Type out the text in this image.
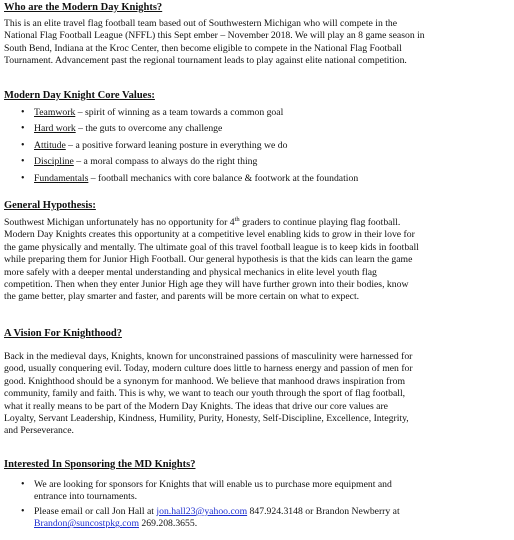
Who are the Modern Day Knights?

This is an elite travel flag football team based out of Southwestern Michigan who will compete in the
National Flag Football League (NFFL) this Sept ember – November 2018. We will play an 8 game season in
South Bend, Indiana at the Kroc Center, then become eligible to compete in the National Flag Football
Tournament. Advancement past the regional tournament leads to play against elite national competition.

Modern Day Knight Core Values:
• Teamwork – spirit of winning as a team towards a common goal
• Hard work – the guts to overcome any challenge
• Attitude – a positive forward leaning posture in everything we do
• Discipline – a moral compass to always do the right thing
• Fundamentals – football mechanics with core balance & footwork at the foundation
General Hypothesis:

Southwest Michigan unfortunately has no opportunity for 4th graders to continue playing flag football.
Modern Day Knights creates this opportunity at a competitive level enabling kids to grow in their love for
the game physically and mentally. The ultimate goal of this travel football league is to keep kids in football
while preparing them for Junior High Football. Our general hypothesis is that the kids can learn the game
more safely with a deeper mental understanding and physical mechanics in elite level youth flag
competition. Then when they enter Junior High age they will have further grown into their bodies, know
the game better, play smarter and faster, and parents will be more certain on what to expect.

A Vision For Knighthood?

Back in the medieval days, Knights, known for unconstrained passions of masculinity were harnessed for
good, usually conquering evil. Today, modern culture does little to harness energy and passion of men for
good. Knighthood should be a synonym for manhood. We believe that manhood draws inspiration from
community, family and faith. This is why, we want to teach our youth through the sport of flag football,
what it really means to be part of the Modern Day Knights. The ideas that drive our core values are
Loyalty, Servant Leadership, Kindness, Humility, Purity, Honesty, Self-Discipline, Excellence, Integrity,
and Perseverance.

Interested In Sponsoring the MD Knights?
• We are looking for sponsors for Knights that will enable us to purchase more equipment and
entrance into tournaments.
• Please email or call Jon Hall at jon.hall23@yahoo.com 847.924.3148 or Brandon Newberry at
Brandon@suncostpkg.com 269.208.3655.
